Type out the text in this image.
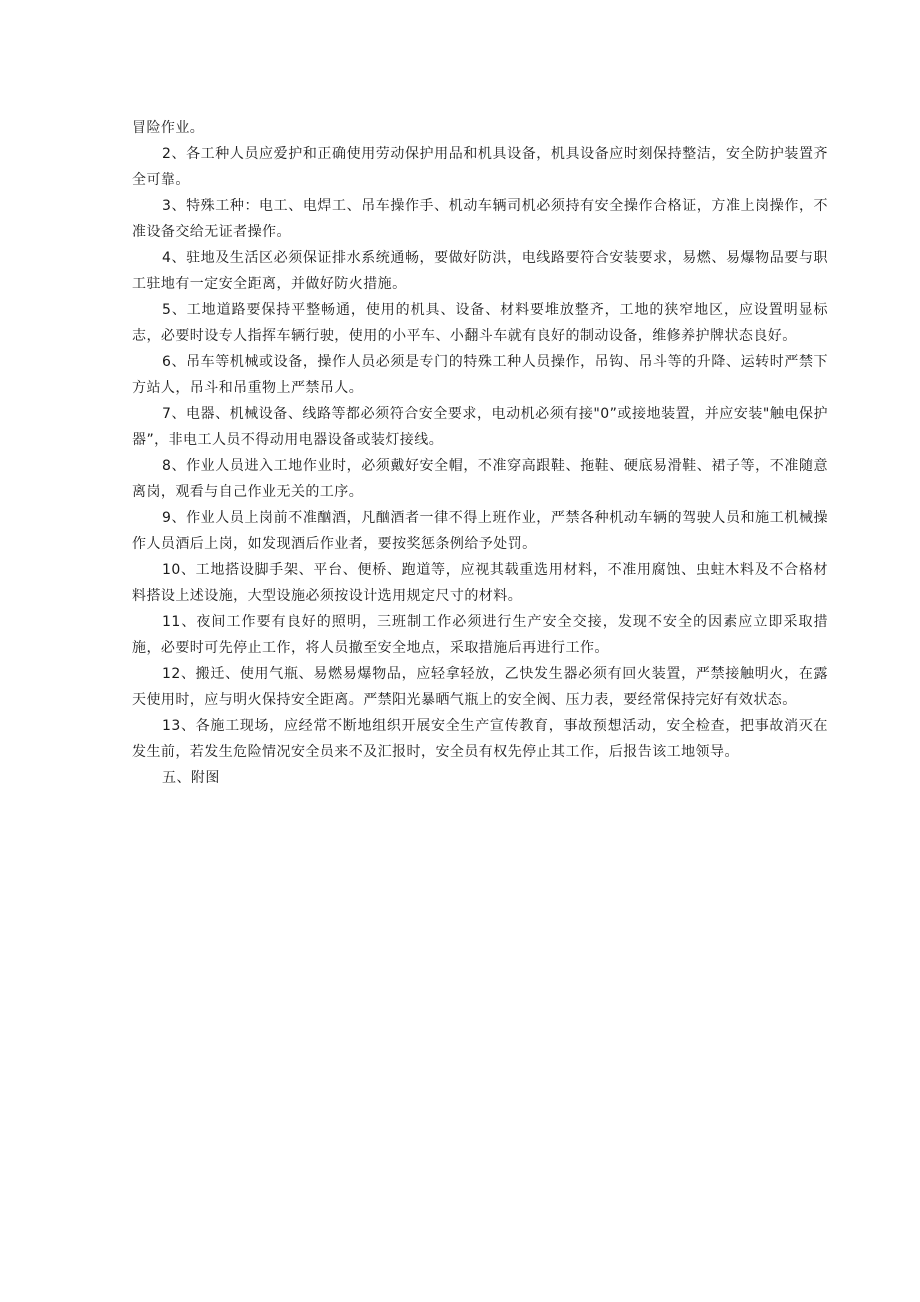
冒险作业。

2、各工种人员应爱护和正确使用劳动保护用品和机具设备，机具设备应时刻保持整洁，安全防护装置齐全可靠。

3、特殊工种：电工、电焊工、吊车操作手、机动车辆司机必须持有安全操作合格证，方准上岗操作，不准设备交给无证者操作。

4、驻地及生活区必须保证排水系统通畅，要做好防洪，电线路要符合安装要求，易燃、易爆物品要与职工驻地有一定安全距离，并做好防火措施。

5、工地道路要保持平整畅通，使用的机具、设备、材料要堆放整齐，工地的狭窄地区，应设置明显标志，必要时设专人指挥车辆行驶，使用的小平车、小翻斗车就有良好的制动设备，维修养护牌状态良好。

6、吊车等机械或设备，操作人员必须是专门的特殊工种人员操作，吊钩、吊斗等的升降、运转时严禁下方站人，吊斗和吊重物上严禁吊人。

7、电器、机械设备、线路等都必须符合安全要求，电动机必须有接"0”或接地装置，并应安装"触电保护器”，非电工人员不得动用电器设备或装灯接线。

8、作业人员进入工地作业时，必须戴好安全帽，不准穿高跟鞋、拖鞋、硬底易滑鞋、裙子等，不准随意离岗，观看与自己作业无关的工序。

9、作业人员上岗前不准酗酒，凡酗酒者一律不得上班作业，严禁各种机动车辆的驾驶人员和施工机械操作人员酒后上岗，如发现酒后作业者，要按奖惩条例给予处罚。

10、工地搭设脚手架、平台、便桥、跑道等，应视其载重选用材料，不准用腐蚀、虫蛀木料及不合格材料搭设上述设施，大型设施必须按设计选用规定尺寸的材料。

11、夜间工作要有良好的照明，三班制工作必须进行生产安全交接，发现不安全的因素应立即采取措施，必要时可先停止工作，将人员撤至安全地点，采取措施后再进行工作。

12、搬迁、使用气瓶、易燃易爆物品，应轻拿轻放，乙快发生器必须有回火装置，严禁接触明火，在露天使用时，应与明火保持安全距离。严禁阳光暴晒气瓶上的安全阀、压力表，要经常保持完好有效状态。

13、各施工现场，应经常不断地组织开展安全生产宣传教育，事故预想活动，安全检查，把事故消灭在发生前，若发生危险情况安全员来不及汇报时，安全员有权先停止其工作，后报告该工地领导。

五、附图
